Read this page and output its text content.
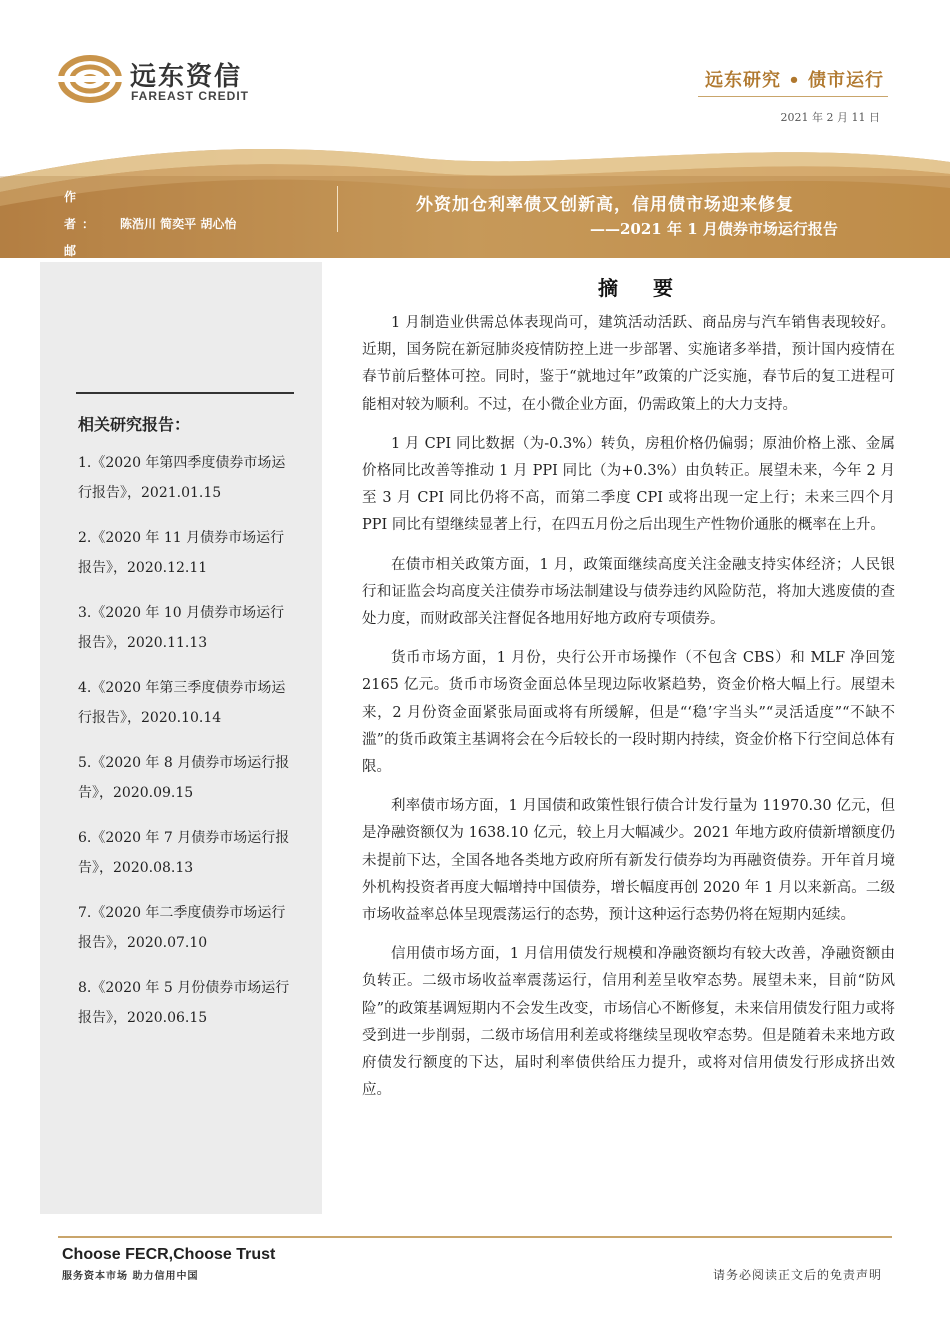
远东资信
FAREAST CREDIT
远东研究 • 债市运行
2021 年 2 月 11 日
作 者： 陈浩川 简奕平 胡心怡
邮
外资加仓利率债又创新高，信用债市场迎来修复
——2021 年 1 月债券市场运行报告
相关研究报告：
1.《2020 年第四季度债券市场运行报告》，2021.01.15
2.《2020 年 11 月债券市场运行报告》，2020.12.11
3.《2020 年 10 月债券市场运行报告》，2020.11.13
4.《2020 年第三季度债券市场运行报告》，2020.10.14
5.《2020 年 8 月债券市场运行报告》，2020.09.15
6.《2020 年 7 月债券市场运行报告》，2020.08.13
7.《2020 年二季度债券市场运行报告》，2020.07.10
8.《2020 年 5 月份债券市场运行报告》，2020.06.15
摘 要

1 月制造业供需总体表现尚可，建筑活动活跃、商品房与汽车销售表现较好。近期，国务院在新冠肺炎疫情防控上进一步部署、实施诸多举措，预计国内疫情在春节前后整体可控。同时，鉴于“就地过年”政策的广泛实施，春节后的复工进程可能相对较为顺利。不过，在小微企业方面，仍需政策上的大力支持。

1 月 CPI 同比数据（为-0.3%）转负，房租价格仍偏弱；原油价格上涨、金属价格同比改善等推动 1 月 PPI 同比（为+0.3%）由负转正。展望未来，今年 2 月至 3 月 CPI 同比仍将不高，而第二季度 CPI 或将出现一定上行；未来三四个月 PPI 同比有望继续显著上行，在四五月份之后出现生产性物价通胀的概率在上升。

在债市相关政策方面，1 月，政策面继续高度关注金融支持实体经济；人民银行和证监会均高度关注债券市场法制建设与债券违约风险防范，将加大逃废债的查处力度，而财政部关注督促各地用好地方政府专项债券。

货币市场方面，1 月份，央行公开市场操作（不包含 CBS）和 MLF 净回笼 2165 亿元。货币市场资金面总体呈现边际收紧趋势，资金价格大幅上行。展望未来，2 月份资金面紧张局面或将有所缓解，但是“‘稳’字当头”“灵活适度”“不缺不滥”的货币政策主基调将会在今后较长的一段时期内持续，资金价格下行空间总体有限。

利率债市场方面，1 月国债和政策性银行债合计发行量为 11970.30 亿元，但是净融资额仅为 1638.10 亿元，较上月大幅减少。2021 年地方政府债新增额度仍未提前下达，全国各地各类地方政府所有新发行债券均为再融资债券。开年首月境外机构投资者再度大幅增持中国债券，增长幅度再创 2020 年 1 月以来新高。二级市场收益率总体呈现震荡运行的态势，预计这种运行态势仍将在短期内延续。

信用债市场方面，1 月信用债发行规模和净融资额均有较大改善，净融资额由负转正。二级市场收益率震荡运行，信用利差呈收窄态势。展望未来，目前“防风险”的政策基调短期内不会发生改变，市场信心不断修复，未来信用债发行阻力或将受到进一步削弱，二级市场信用利差或将继续呈现收窄态势。但是随着未来地方政府债发行额度的下达，届时利率债供给压力提升，或将对信用债发行形成挤出效应。

Choose FECR,Choose Trust
服务资本市场 助力信用中国	请务必阅读正文后的免责声明
